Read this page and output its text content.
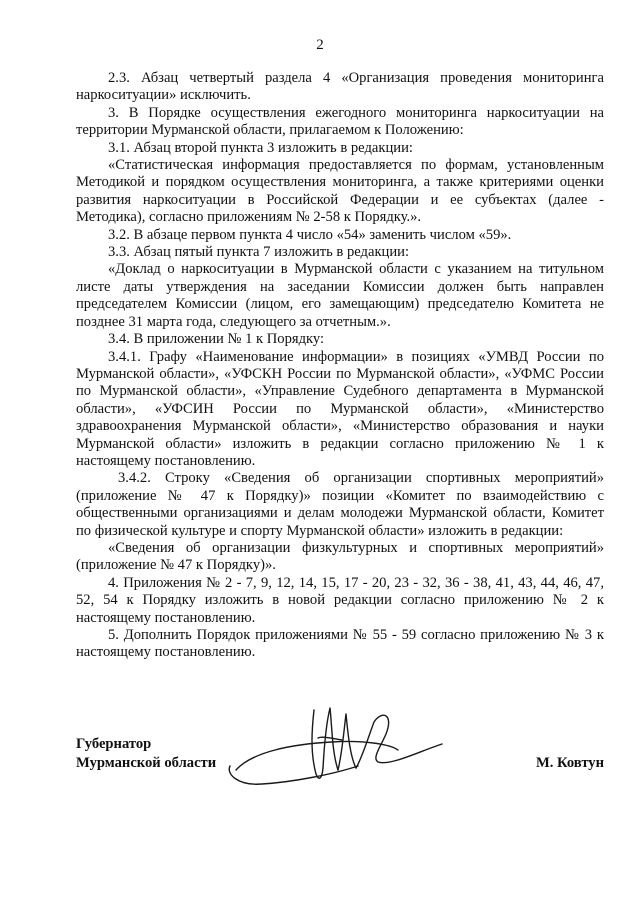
2

2.3. Абзац четвертый раздела 4 «Организация проведения мониторинга наркоситуации» исключить.

3. В Порядке осуществления ежегодного мониторинга наркоситуации на территории Мурманской области, прилагаемом к Положению:

3.1. Абзац второй пункта 3 изложить в редакции:

«Статистическая информация предоставляется по формам, установленным Методикой и порядком осуществления мониторинга, а также критериями оценки развития наркоситуации в Российской Федерации и ее субъектах (далее - Методика), согласно приложениям № 2-58 к Порядку.».

3.2. В абзаце первом пункта 4 число «54» заменить числом «59».

3.3. Абзац пятый пункта 7 изложить в редакции:

«Доклад о наркоситуации в Мурманской области с указанием на титульном листе даты утверждения на заседании Комиссии должен быть направлен председателем Комиссии (лицом, его замещающим) председателю Комитета не позднее 31 марта года, следующего за отчетным.».

3.4. В приложении № 1 к Порядку:

3.4.1. Графу «Наименование информации» в позициях «УМВД России по Мурманской области», «УФСКН России по Мурманской области», «УФМС России по Мурманской области», «Управление Судебного департамента в Мурманской области», «УФСИН России по Мурманской области», «Министерство здравоохранения Мурманской области», «Министерство образования и науки Мурманской области» изложить в редакции согласно приложению № 1 к настоящему постановлению.

3.4.2. Строку «Сведения об организации спортивных мероприятий» (приложение № 47 к Порядку)» позиции «Комитет по взаимодействию с общественными организациями и делам молодежи Мурманской области, Комитет по физической культуре и спорту Мурманской области» изложить в редакции:

«Сведения об организации физкультурных и спортивных мероприятий» (приложение № 47 к Порядку)».

4. Приложения № 2 - 7, 9, 12, 14, 15, 17 - 20, 23 - 32, 36 - 38, 41, 43, 44, 46, 47, 52, 54 к Порядку изложить в новой редакции согласно приложению № 2 к настоящему постановлению.

5. Дополнить Порядок приложениями № 55 - 59 согласно приложению № 3 к настоящему постановлению.

Губернатор
Мурманской области	М. Ковтун
